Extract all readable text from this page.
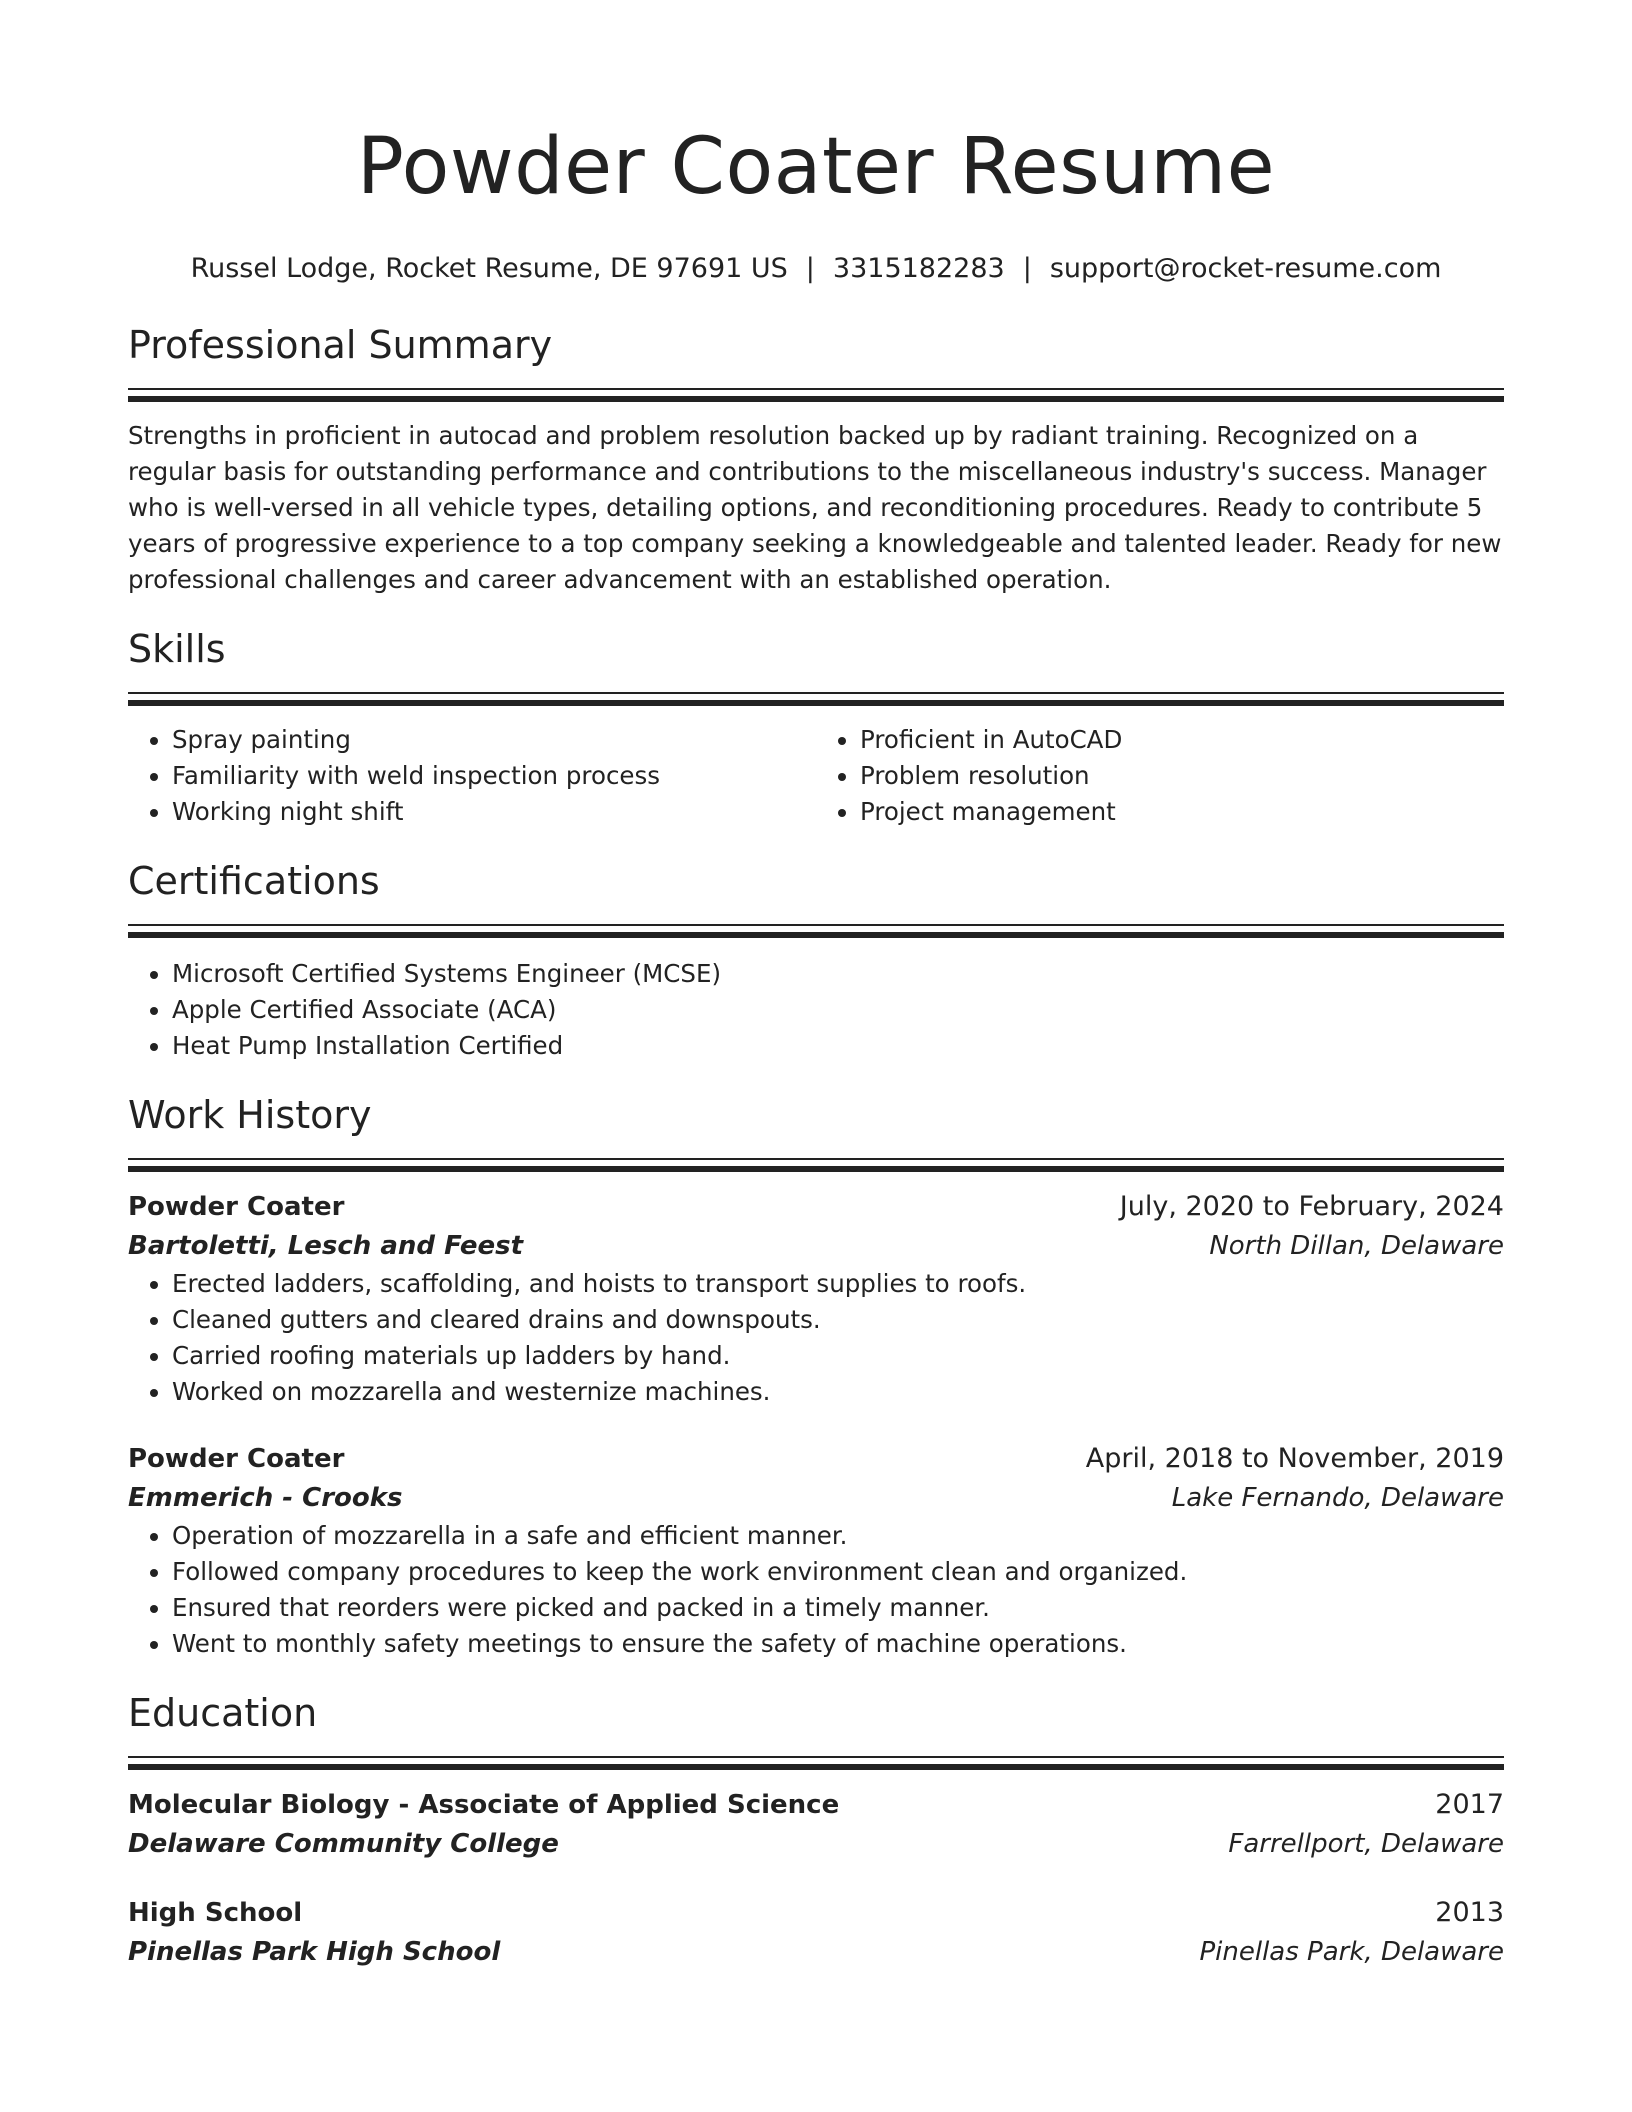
Powder Coater Resume
Russel Lodge, Rocket Resume, DE 97691 US | 3315182283 | support@rocket-resume.com
Professional Summary

Strengths in proficient in autocad and problem resolution backed up by radiant training. Recognized on a regular basis for outstanding performance and contributions to the miscellaneous industry's success. Manager who is well-versed in all vehicle types, detailing options, and reconditioning procedures. Ready to contribute 5 years of progressive experience to a top company seeking a knowledgeable and talented leader. Ready for new professional challenges and career advancement with an established operation.

Skills
• Spray painting
• Familiarity with weld inspection process
• Working night shift
• Proficient in AutoCAD
• Problem resolution
• Project management
Certifications
• Microsoft Certified Systems Engineer (MCSE)
• Apple Certified Associate (ACA)
• Heat Pump Installation Certified
Work History
Powder Coater	July, 2020 to February, 2024
Bartoletti, Lesch and Feest	North Dillan, Delaware
• Erected ladders, scaffolding, and hoists to transport supplies to roofs.
• Cleaned gutters and cleared drains and downspouts.
• Carried roofing materials up ladders by hand.
• Worked on mozzarella and westernize machines.
Powder Coater	April, 2018 to November, 2019
Emmerich - Crooks	Lake Fernando, Delaware
• Operation of mozzarella in a safe and efficient manner.
• Followed company procedures to keep the work environment clean and organized.
• Ensured that reorders were picked and packed in a timely manner.
• Went to monthly safety meetings to ensure the safety of machine operations.
Education
Molecular Biology - Associate of Applied Science	2017
Delaware Community College	Farrellport, Delaware
High School	2013
Pinellas Park High School	Pinellas Park, Delaware
